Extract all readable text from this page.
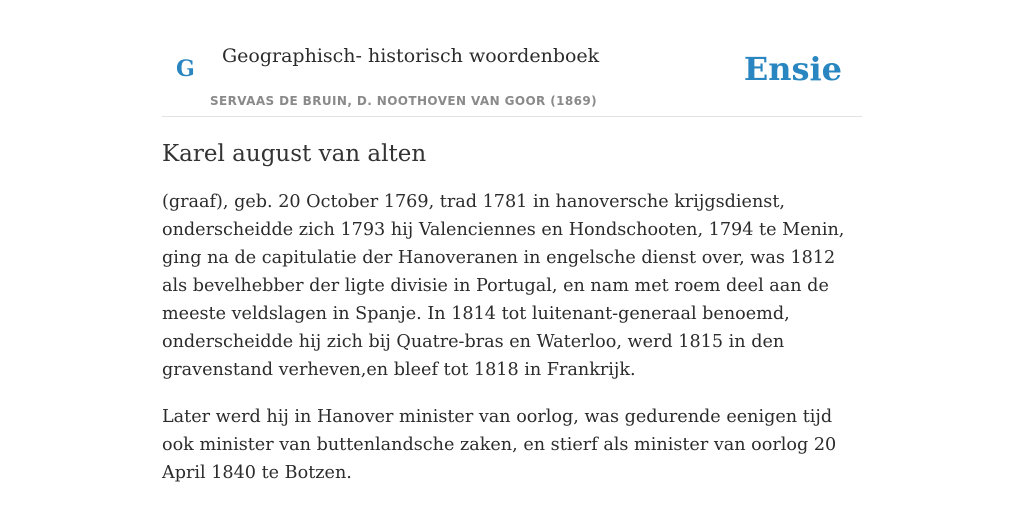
G Geographisch- historisch woordenboek
SERVAAS DE BRUIN, D. NOOTHOVEN VAN GOOR (1869)
Ensie
Karel august van alten

(graaf), geb. 20 October 1769, trad 1781 in hanoversche krijgsdienst, onderscheidde zich 1793 hij Valenciennes en Hondschooten, 1794 te Menin, ging na de capitulatie der Hanoveranen in engelsche dienst over, was 1812 als bevelhebber der ligte divisie in Portugal, en nam met roem deel aan de meeste veldslagen in Spanje. In 1814 tot luitenant-generaal benoemd, onderscheidde hij zich bij Quatre-bras en Waterloo, werd 1815 in den gravenstand verheven,en bleef tot 1818 in Frankrijk.

Later werd hij in Hanover minister van oorlog, was gedurende eenigen tijd ook minister van buttenlandsche zaken, en stierf als minister van oorlog 20 April 1840 te Botzen.
